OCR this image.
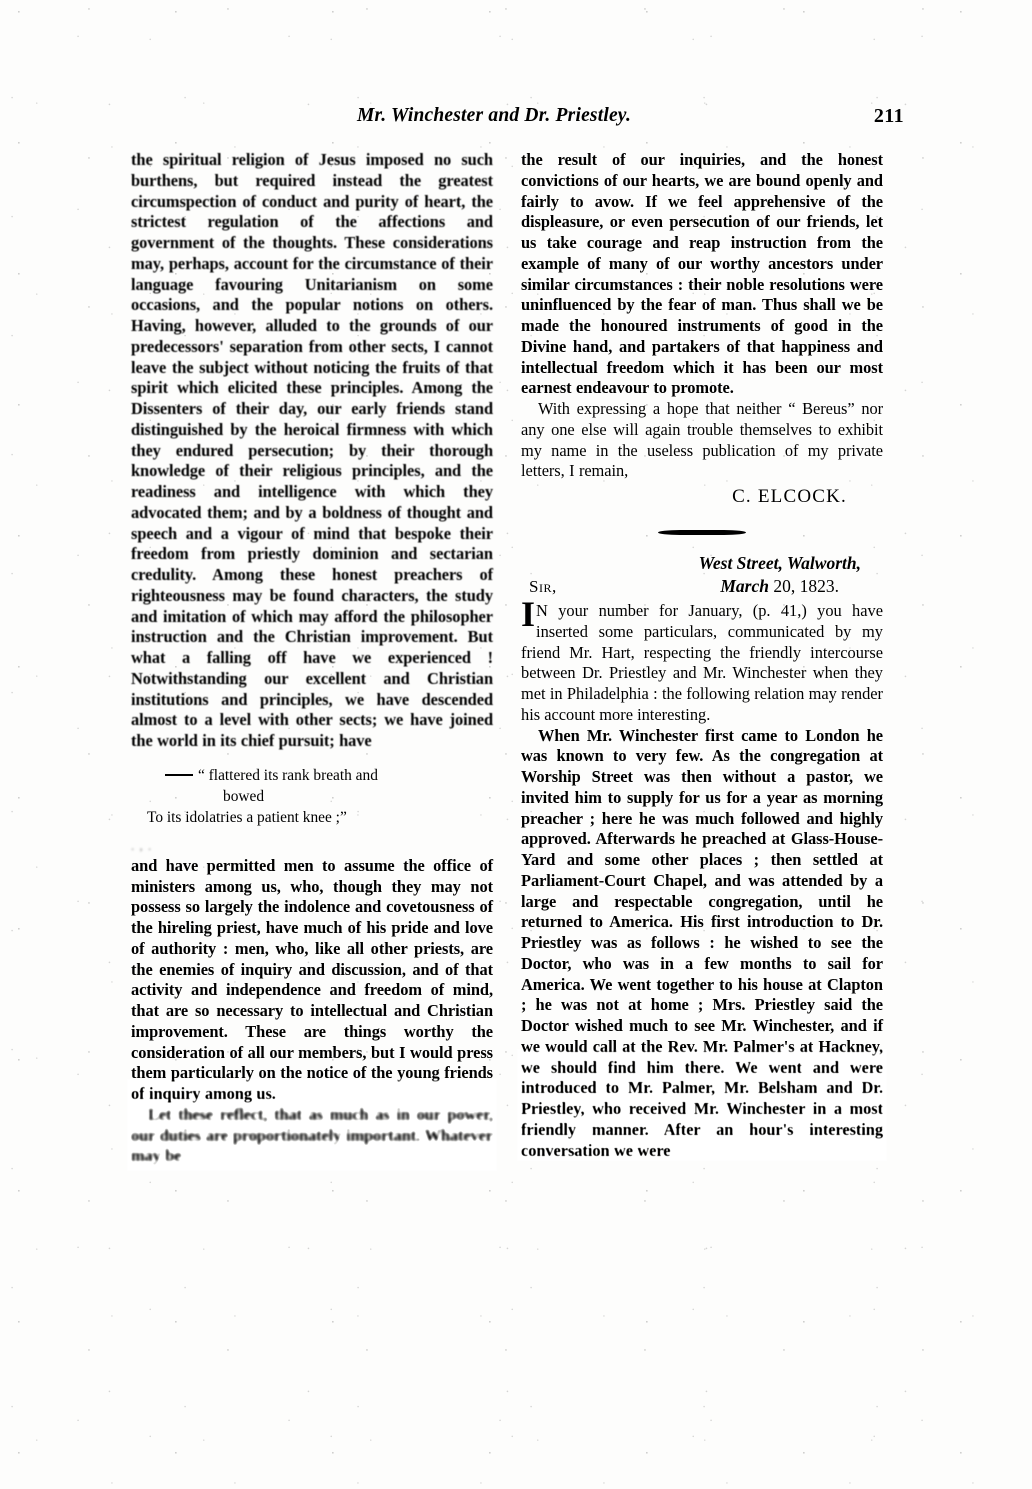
Mr. Winchester and Dr. Priestley.	211

the spiritual religion of Jesus imposed no such burthens, but required instead the greatest circumspection of conduct and purity of heart, the strictest regulation of the affections and government of the thoughts. These considerations may, perhaps, account for the circumstance of their language favouring Unitarianism on some occasions, and the popular notions on others. Having, however, alluded to the grounds of our predecessors' separation from other sects, I cannot leave the subject without noticing the fruits of that spirit which elicited these principles. Among the Dissenters of their day, our early friends stand distinguished by the heroical firmness with which they endured persecution; by their thorough knowledge of their religious principles, and the readiness and intelligence with which they advocated them; and by a boldness of thought and speech and a vigour of mind that bespoke their freedom from priestly dominion and sectarian credulity. Among these honest preachers of righteousness may be found characters, the study and imitation of which may afford the philosopher instruction and the Christian improvement. But what a falling off have we experienced ! Notwithstanding our excellent and Christian institutions and principles, we have descended almost to a level with other sects; we have joined the world in its chief pursuit; have

“ flattered its rank breath and

bowed

To its idolatries a patient knee ;”

. , .

and have permitted men to assume the office of ministers among us, who, though they may not possess so largely the indolence and covetousness of the hireling priest, have much of his pride and love of authority : men, who, like all other priests, are the enemies of inquiry and discussion, and of that activity and independence and freedom of mind, that are so necessary to intellectual and Christian improvement. These are things worthy the consideration of all our members, but I would press them particularly on the notice of the young friends of inquiry among us.

Let these reflect, that as much as in our power, our duties are proportionately important. Whatever may be

the result of our inquiries, and the honest convictions of our hearts, we are bound openly and fairly to avow. If we feel apprehensive of the displeasure, or even persecution of our friends, let us take courage and reap instruction from the example of many of our worthy ancestors under similar circumstances : their noble resolutions were uninfluenced by the fear of man. Thus shall we be made the honoured instruments of good in the Divine hand, and partakers of that happiness and intellectual freedom which it has been our most earnest endeavour to promote.

With expressing a hope that neither “ Bereus” nor any one else will again trouble themselves to exhibit my name in the useless publication of my private letters, I remain,

C. ELCOCK.

West Street, Walworth,
Sir,	March 20, 1823.

I N your number for January, (p. 41,) you have inserted some particulars, communicated by my friend Mr. Hart, respecting the friendly intercourse between Dr. Priestley and Mr. Winchester when they met in Philadelphia : the following relation may render his account more interesting.

When Mr. Winchester first came to London he was known to very few. As the congregation at Worship Street was then without a pastor, we invited him to supply for us for a year as morning preacher ; here he was much followed and highly approved. Afterwards he preached at Glass-House-Yard and some other places ; then settled at Parliament-Court Chapel, and was attended by a large and respectable congregation, until he returned to America. His first introduction to Dr. Priestley was as follows : he wished to see the Doctor, who was in a few months to sail for America. We went together to his house at Clapton ; he was not at home ; Mrs. Priestley said the Doctor wished much to see Mr. Winchester, and if we would call at the Rev. Mr. Palmer's at Hackney, we should find him there. We went and were introduced to Mr. Palmer, Mr. Belsham and Dr. Priestley, who received Mr. Winchester in a most friendly manner. After an hour's interesting conversation we were
